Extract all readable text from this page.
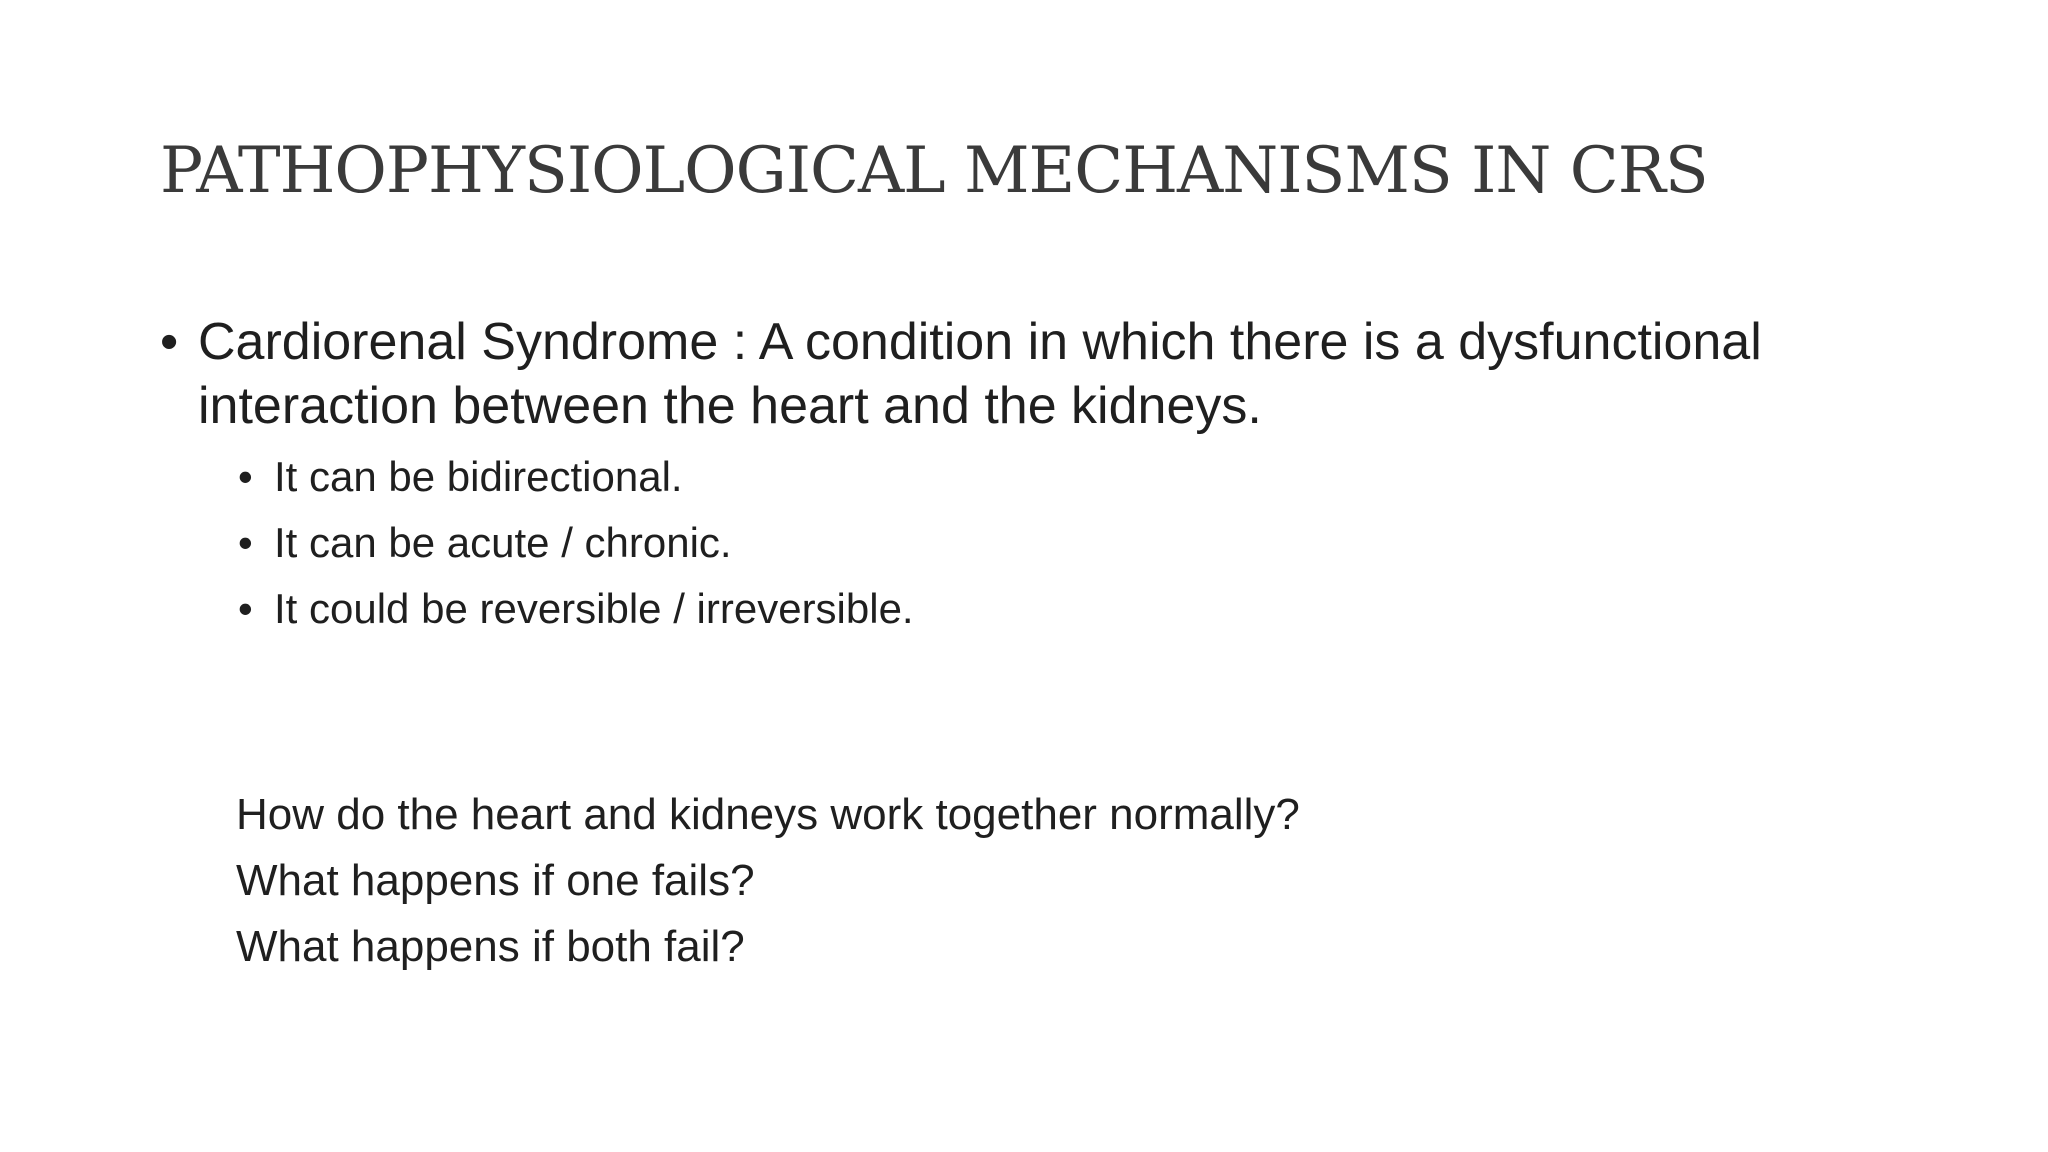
PATHOPHYSIOLOGICAL MECHANISMS IN CRS
• Cardiorenal Syndrome : A condition in which there is a dysfunctional interaction between the heart and the kidneys.
• It can be bidirectional.
• It can be acute / chronic.
• It could be reversible / irreversible.
How do the heart and kidneys work together normally?
What happens if one fails?
What happens if both fail?
